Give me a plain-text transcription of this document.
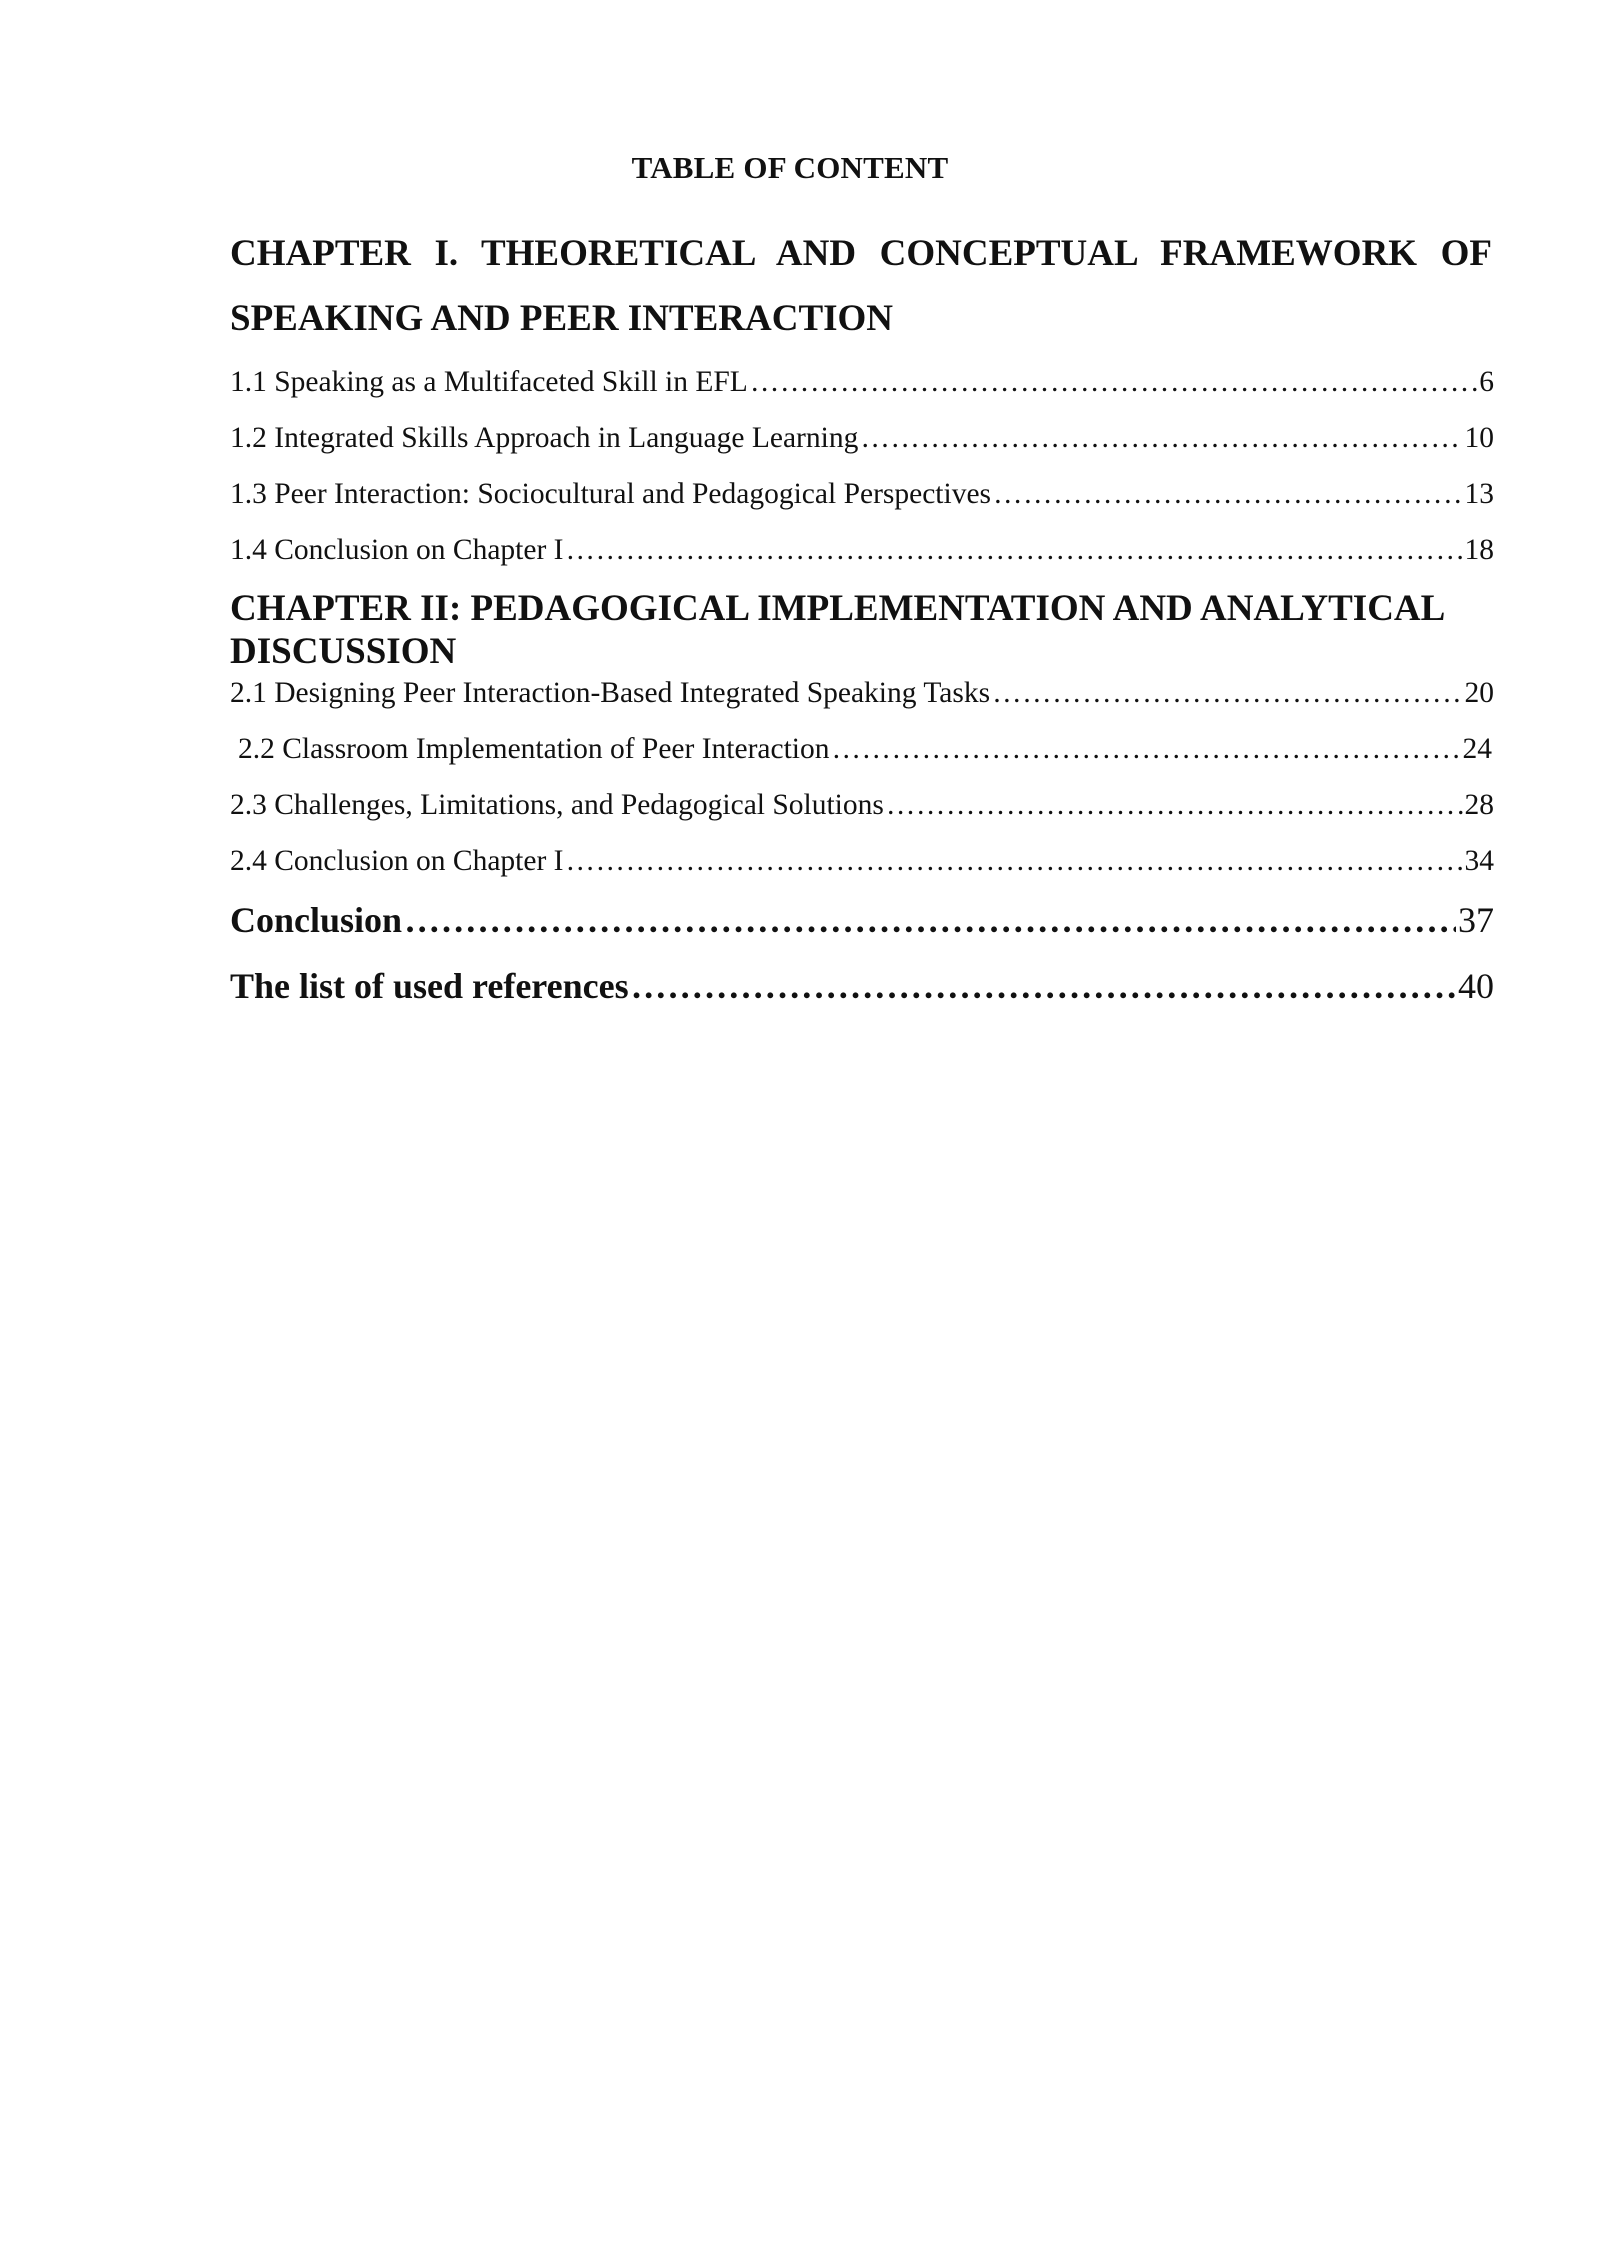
TABLE OF CONTENT
CHAPTER I. THEORETICAL AND CONCEPTUAL FRAMEWORK OF
SPEAKING AND PEER INTERACTION
1.1 Speaking as a Multifaceted Skill in EFL ………………………………………………………………………………………………………………………………………………………………………………………………………………………………	6
1.2 Integrated Skills Approach in Language Learning ………………………………………………………………………………………………………………………………………………………………………………………………………………………………	10
1.3 Peer Interaction: Sociocultural and Pedagogical Perspectives ………………………………………………………………………………………………………………………………………………………………………………………………………………………………	13
1.4 Conclusion on Chapter I ………………………………………………………………………………………………………………………………………………………………………………………………………………………………	18
CHAPTER II: PEDAGOGICAL IMPLEMENTATION AND ANALYTICAL
DISCUSSION
2.1 Designing Peer Interaction-Based Integrated Speaking Tasks ………………………………………………………………………………………………………………………………………………………………………………………………………………………………	20
2.2 Classroom Implementation of Peer Interaction ………………………………………………………………………………………………………………………………………………………………………………………………………………………………	24
2.3 Challenges, Limitations, and Pedagogical Solutions ………………………………………………………………………………………………………………………………………………………………………………………………………………………………	28
2.4 Conclusion on Chapter I ………………………………………………………………………………………………………………………………………………………………………………………………………………………………	34
Conclusion ………………………………………………………………………………………………………………………………………………………………………………………………………………………………	37
The list of used references ………………………………………………………………………………………………………………………………………………………………………………………………………………………………	40
